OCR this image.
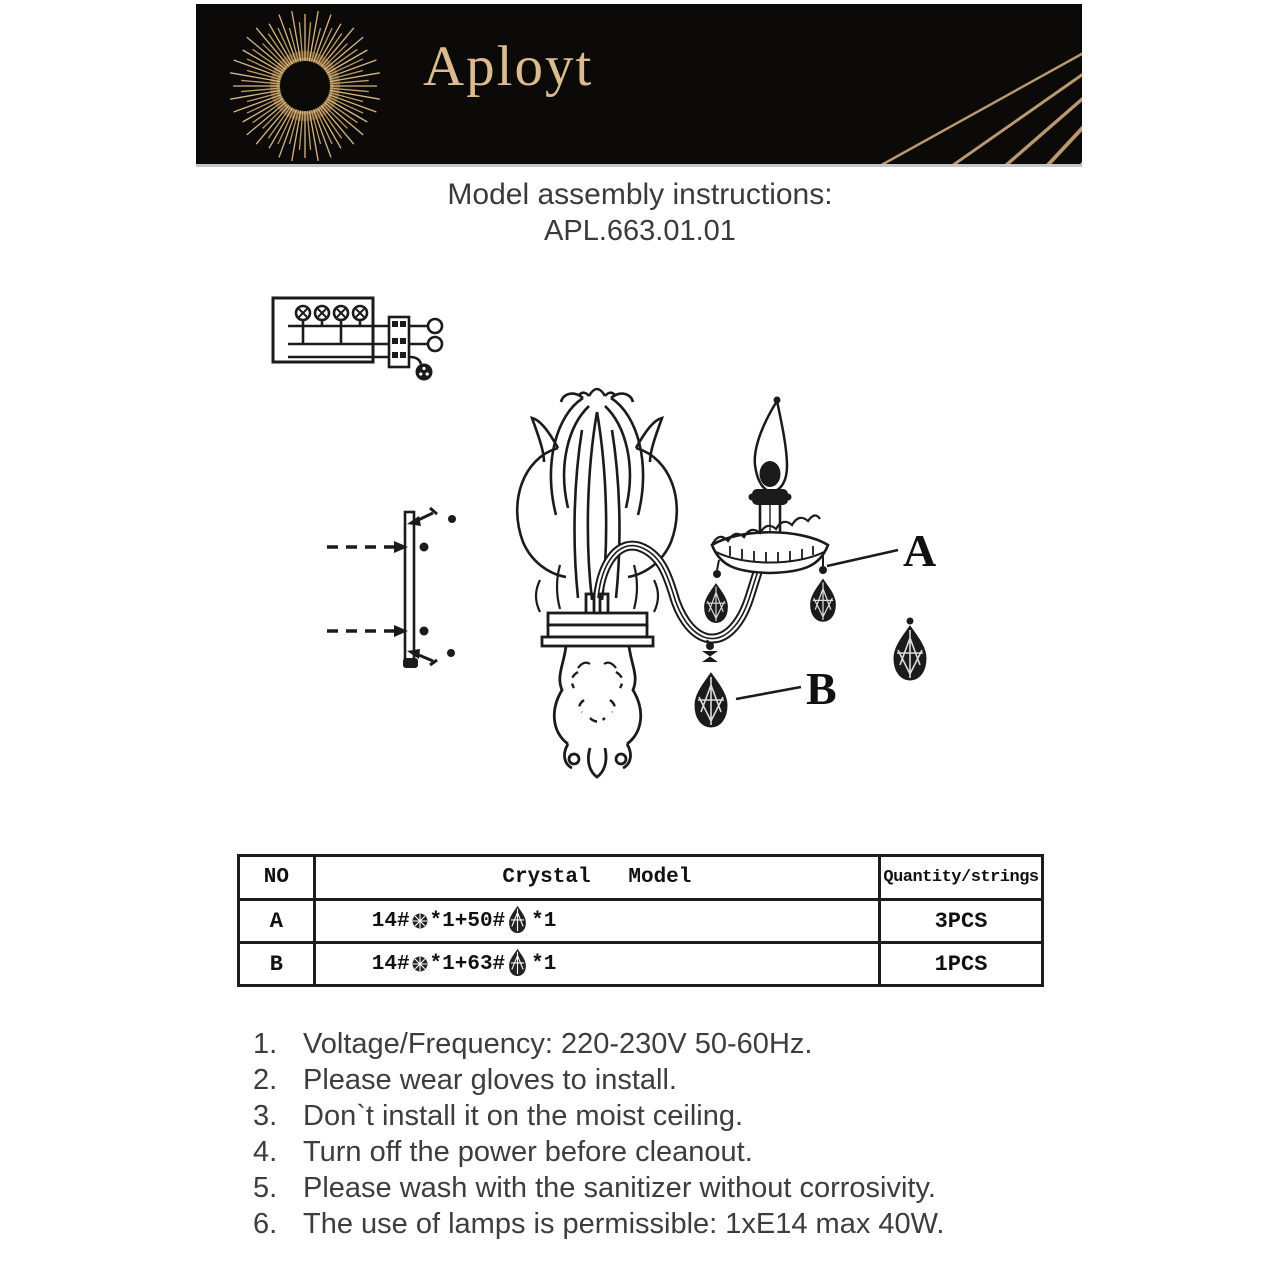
Aployt
Model assembly instructions:
APL.663.01.01
A
B
NO	Crystal   Model	Quantity/strings
A	14# *1+50# *1	3PCS
B	14# *1+63# *1	1PCS
1. Voltage/Frequency: 220-230V 50-60Hz.
2. Please wear gloves to install.
3. Don`t install it on the moist ceiling.
4. Turn off the power before cleanout.
5. Please wash with the sanitizer without corrosivity.
6. The use of lamps is permissible: 1xE14 max 40W.
